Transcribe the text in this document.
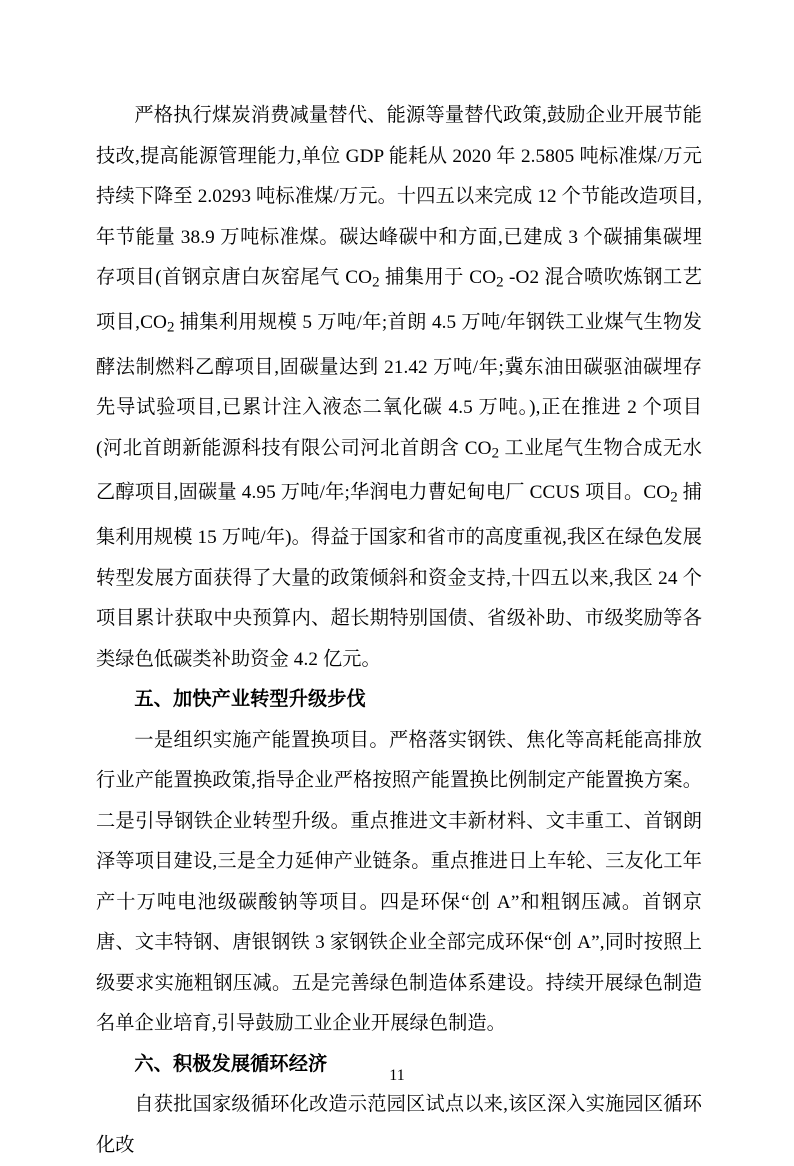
严格执行煤炭消费减量替代、能源等量替代政策,鼓励企业开展节能技改,提高能源管理能力,单位 GDP 能耗从 2020 年 2.5805 吨标准煤/万元持续下降至 2.0293 吨标准煤/万元。十四五以来完成 12 个节能改造项目,年节能量 38.9 万吨标准煤。碳达峰碳中和方面,已建成 3 个碳捕集碳埋存项目(首钢京唐白灰窑尾气 $CO_2$ 捕集用于 $CO_2$ -O2 混合喷吹炼钢工艺项目$,CO_2$ 捕集利用规模 5 万吨/年;首朗 4.5 万吨/年钢铁工业煤气生物发酵法制燃料乙醇项目,固碳量达到 21.42 万吨/年;冀东油田碳驱油碳埋存先导试验项目,已累计注入液态二氧化碳 4.5 万吨。),正在推进 2 个项目(河北首朗新能源科技有限公司河北首朗含 $CO_2$ 工业尾气生物合成无水乙醇项目,固碳量 4.95 万吨/年;华润电力曹妃甸电厂 CCUS 项目。$CO_2$ 捕集利用规模 15 万吨/年)。得益于国家和省市的高度重视,我区在绿色发展转型发展方面获得了大量的政策倾斜和资金支持,十四五以来,我区 24 个项目累计获取中央预算内、超长期特别国债、省级补助、市级奖励等各类绿色低碳类补助资金 4.2 亿元。

五、加快产业转型升级步伐

一是组织实施产能置换项目。严格落实钢铁、焦化等高耗能高排放行业产能置换政策,指导企业严格按照产能置换比例制定产能置换方案。二是引导钢铁企业转型升级。重点推进文丰新材料、文丰重工、首钢朗泽等项目建设,三是全力延伸产业链条。重点推进日上车轮、三友化工年产十万吨电池级碳酸钠等项目。四是环保“创 A”和粗钢压减。首钢京唐、文丰特钢、唐银钢铁 3 家钢铁企业全部完成环保“创 A”,同时按照上级要求实施粗钢压减。五是完善绿色制造体系建设。持续开展绿色制造名单企业培育,引导鼓励工业企业开展绿色制造。

六、积极发展循环经济

自获批国家级循环化改造示范园区试点以来,该区深入实施园区循环化改

11
